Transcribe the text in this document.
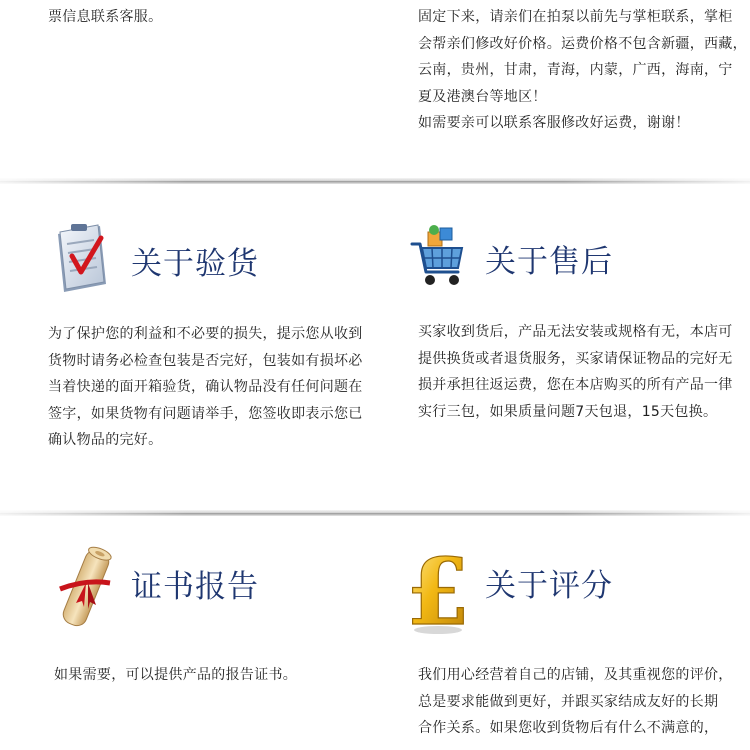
票信息联系客服。	固定下来，请亲们在拍泵以前先与掌柜联系，掌柜
会帮亲们修改好价格。运费价格不包含新疆，西藏，
云南，贵州，甘肃，青海，内蒙，广西，海南，宁
夏及港澳台等地区！
如需要亲可以联系客服修改好运费，谢谢！

关于验货

为了保护您的利益和不必要的损失，提示您从收到
货物时请务必检查包装是否完好，包装如有损坏必
当着快递的面开箱验货，确认物品没有任何问题在
签字，如果货物有问题请举手，您签收即表示您已
确认物品的完好。

关于售后

买家收到货后，产品无法安装或规格有无，本店可
提供换货或者退货服务，买家请保证物品的完好无
损并承担往返运费，您在本店购买的所有产品一律
实行三包，如果质量问题7天包退，15天包换。

证书报告

如果需要，可以提供产品的报告证书。

£ 关于评分

我们用心经营着自己的店铺，及其重视您的评价，
总是要求能做到更好，并跟买家结成友好的长期
合作关系。如果您收到货物后有什么不满意的，
